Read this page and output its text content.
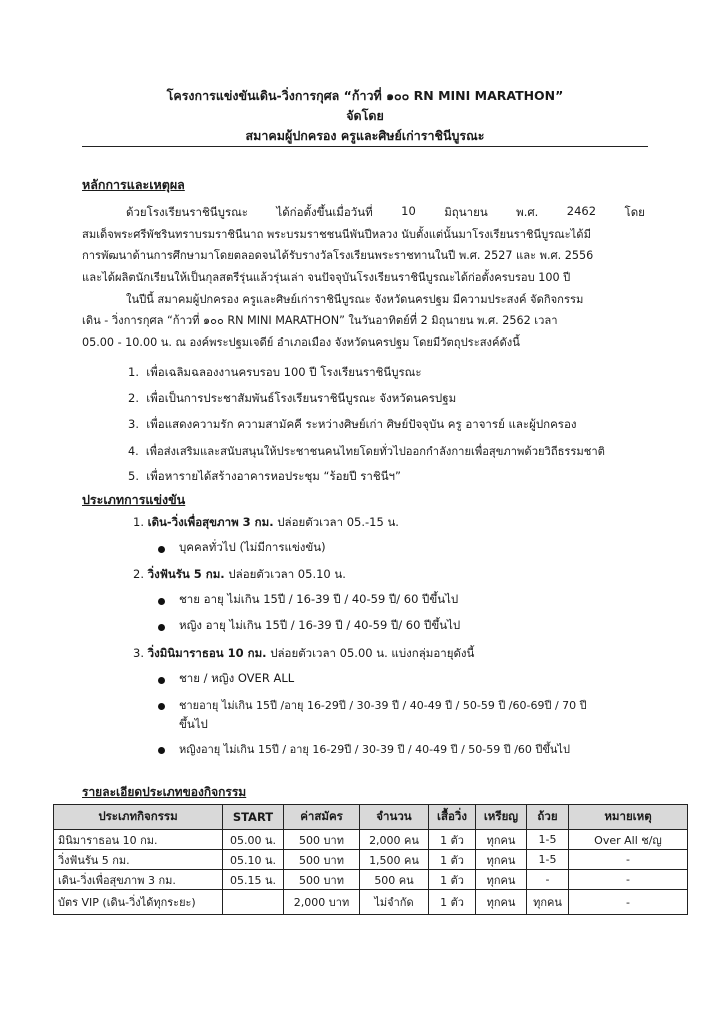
โครงการแข่งขันเดิน-วิ่งการกุศล “ก้าวที่ ๑๐๐ RN MINI MARATHON”
จัดโดย
สมาคมผู้ปกครอง ครูและศิษย์เก่าราชินีบูรณะ
หลักการและเหตุผล
ด้วยโรงเรียนราชินีบูรณะ ได้ก่อตั้งขึ้นเมื่อวันที่ 10 มิถุนายน พ.ศ. 2462 โดย
สมเด็จพระศรีพัชรินทราบรมราชินีนาถ พระบรมราชชนนีพันปีหลวง นับตั้งแต่นั้นมาโรงเรียนราชินีบูรณะได้มี
การพัฒนาด้านการศึกษามาโดยตลอดจนได้รับรางวัลโรงเรียนพระราชทานในปี พ.ศ. 2527 และ พ.ศ. 2556
และได้ผลิตนักเรียนให้เป็นกุลสตรีรุ่นแล้วรุ่นเล่า จนปัจจุบันโรงเรียนราชินีบูรณะได้ก่อตั้งครบรอบ 100 ปี
ในปีนี้ สมาคมผู้ปกครอง ครูและศิษย์เก่าราชินีบูรณะ จังหวัดนครปฐม มีความประสงค์ จัดกิจกรรม
เดิน - วิ่งการกุศล “ก้าวที่ ๑๐๐ RN MINI MARATHON” ในวันอาทิตย์ที่ 2 มิถุนายน พ.ศ. 2562 เวลา
05.00 - 10.00 น. ณ องค์พระปฐมเจดีย์ อำเภอเมือง จังหวัดนครปฐม โดยมีวัตถุประสงค์ดังนี้
1. เพื่อเฉลิมฉลองงานครบรอบ 100 ปี โรงเรียนราชินีบูรณะ
2. เพื่อเป็นการประชาสัมพันธ์โรงเรียนราชินีบูรณะ จังหวัดนครปฐม
3. เพื่อแสดงความรัก ความสามัคคี ระหว่างศิษย์เก่า ศิษย์ปัจจุบัน ครู อาจารย์ และผู้ปกครอง
4. เพื่อส่งเสริมและสนับสนุนให้ประชาชนคนไทยโดยทั่วไปออกกำลังกายเพื่อสุขภาพด้วยวิถีธรรมชาติ
5. เพื่อหารายได้สร้างอาคารหอประชุม “ร้อยปี ราชินีฯ”
ประเภทการแข่งขัน
1. เดิน-วิ่งเพื่อสุขภาพ 3 กม. ปล่อยตัวเวลา 05.-15 น.
บุคคลทั่วไป (ไม่มีการแข่งขัน)
2. วิ่งฟันรัน 5 กม. ปล่อยตัวเวลา 05.10 น.
ชาย อายุ ไม่เกิน 15ปี / 16-39 ปี / 40-59 ปี/ 60 ปีขึ้นไป
หญิง อายุ ไม่เกิน 15ปี / 16-39 ปี / 40-59 ปี/ 60 ปีขึ้นไป
3. วิ่งมินิมาราธอน 10 กม. ปล่อยตัวเวลา 05.00 น. แบ่งกลุ่มอายุดังนี้
ชาย / หญิง OVER ALL
ชายอายุ ไม่เกิน 15ปี /อายุ 16-29ปี / 30-39 ปี / 40-49 ปี / 50-59 ปี /60-69ปี / 70 ปี
ขึ้นไป
หญิงอายุ ไม่เกิน 15ปี / อายุ 16-29ปี / 30-39 ปี / 40-49 ปี / 50-59 ปี /60 ปีขึ้นไป
รายละเอียดประเภทของกิจกรรม
ประเภทกิจกรรม	START	ค่าสมัคร	จำนวน	เสื้อวิ่ง	เหรียญ	ถ้วย	หมายเหตุ
มินิมาราธอน 10 กม.	05.00 น.	500 บาท	2,000 คน	1 ตัว	ทุกคน	1-5	Over All ช/ญ
วิ่งฟันรัน 5 กม.	05.10 น.	500 บาท	1,500 คน	1 ตัว	ทุกคน	1-5	-
เดิน-วิ่งเพื่อสุขภาพ 3 กม.	05.15 น.	500 บาท	500 คน	1 ตัว	ทุกคน	-	-
บัตร VIP (เดิน-วิ่งได้ทุกระยะ)		2,000 บาท	ไม่จำกัด	1 ตัว	ทุกคน	ทุกคน	-
